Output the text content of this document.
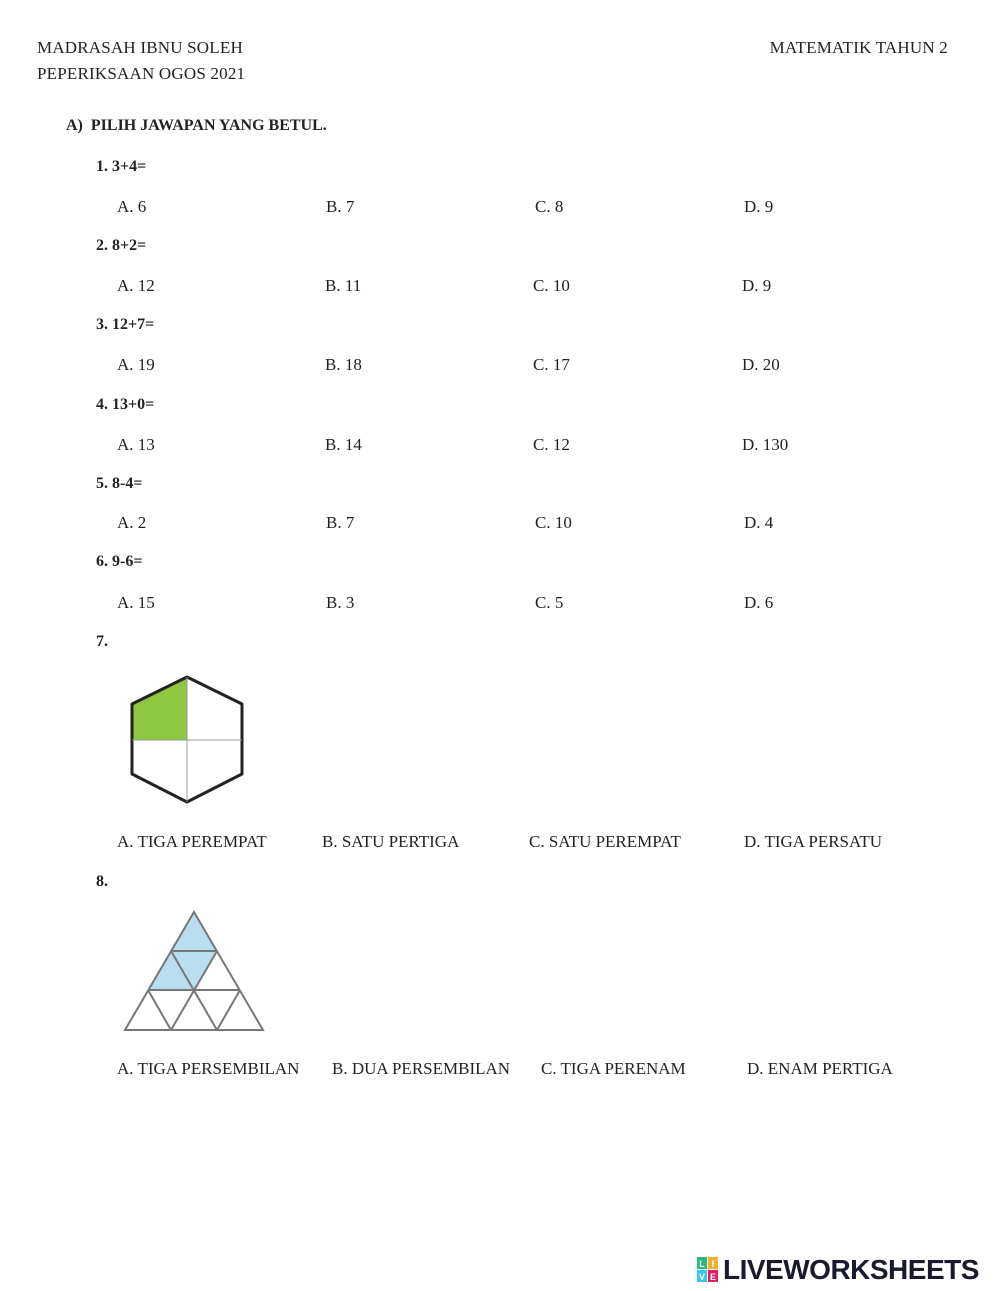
MADRASAH IBNU SOLEH
PEPERIKSAAN OGOS 2021
MATEMATIK TAHUN 2
A) PILIH JAWAPAN YANG BETUL.
1. 3+4=
A. 6	B. 7	C. 8	D. 9
2. 8+2=
A. 12	B. 11	C. 10	D. 9
3. 12+7=
A. 19	B. 18	C. 17	D. 20
4. 13+0=
A. 13	B. 14	C. 12	D. 130
5. 8-4=
A. 2	B. 7	C. 10	D. 4
6. 9-6=
A. 15	B. 3	C. 5	D. 6
7.
A. TIGA PEREMPAT	B. SATU PERTIGA	C. SATU PEREMPAT	D. TIGA PERSATU
8.
A. TIGA PERSEMBILAN B. DUA PERSEMBILAN C. TIGA PERENAM	D. ENAM PERTIGA
L I
V E LIVEWORKSHEETS
